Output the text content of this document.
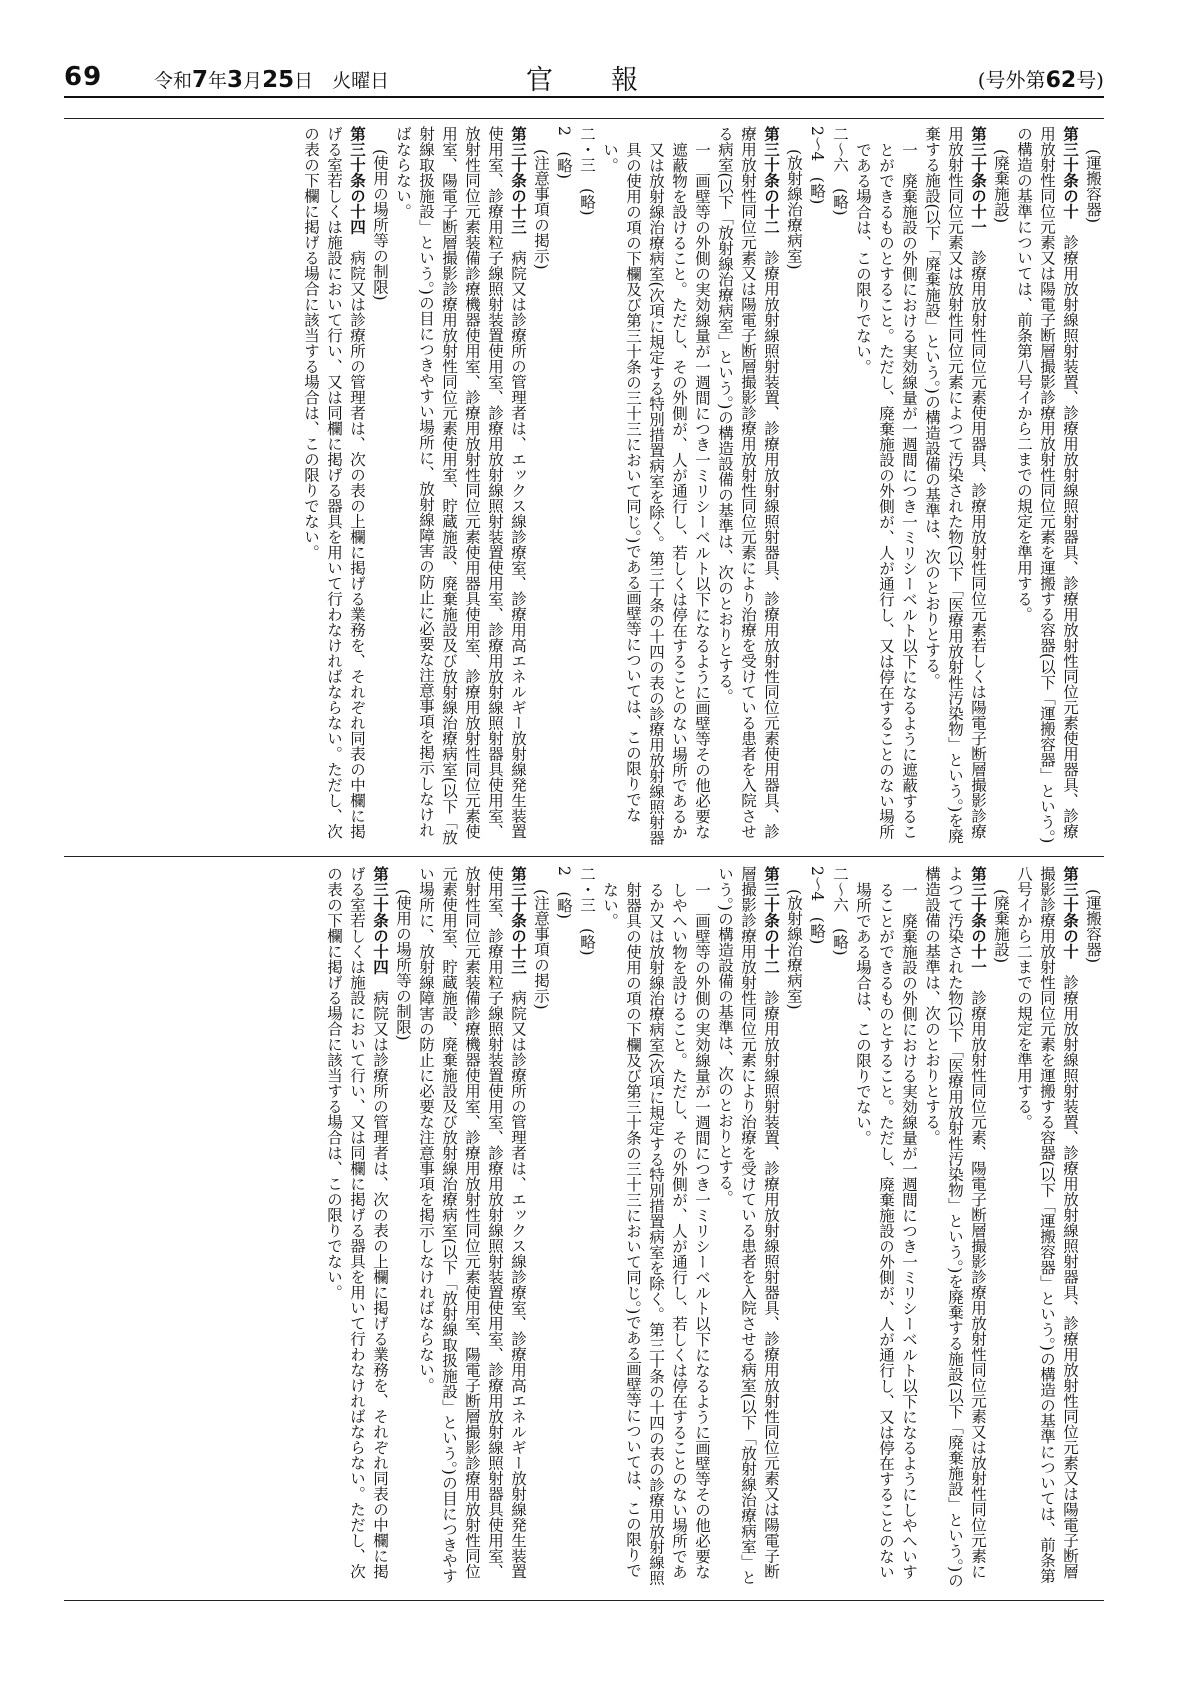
69	令和7年3月25日　 火曜日	官報	(号外第62号)
(運搬容器)
第三十条の十　診療用放射線照射装置、診療用放射線照射器具、診療用放射性同位元素使用器具、診療用放射性同位元素又は陽電子断層撮影診療用放射性同位元素を運搬する容器(以下「運搬容器」という。)の構造の基準については、前条第八号イから二までの規定を準用する。
(廃棄施設)
第三十条の十一　診療用放射性同位元素使用器具、診療用放射性同位元素若しくは陽電子断層撮影診療用放射性同位元素又は放射性同位元素によつて汚染された物(以下「医療用放射性汚染物」という。)を廃棄する施設(以下「廃棄施設」という。)の構造設備の基準は、次のとおりとする。
一　廃棄施設の外側における実効線量が一週間につき一ミリシーベルト以下になるように遮蔽することができるものとすること。ただし、廃棄施設の外側が、人が通行し、又は停在することのない場所である場合は、この限りでない。
二〜六　(略)
2〜4　(略)
(放射線治療病室)
第三十条の十二　診療用放射線照射装置、診療用放射線照射器具、診療用放射性同位元素使用器具、診療用放射性同位元素又は陽電子断層撮影診療用放射性同位元素により治療を受けている患者を入院させる病室(以下「放射線治療病室」という。)の構造設備の基準は、次のとおりとする。
一　画壁等の外側の実効線量が一週間につき一ミリシーベルト以下になるように画壁等その他必要な遮蔽物を設けること。ただし、その外側が、人が通行し、若しくは停在することのない場所であるか又は放射線治療病室(次項に規定する特別措置病室を除く。第三十条の十四の表の診療用放射線照射器具の使用の項の下欄及び第三十条の三十三において同じ。)である画壁等については、この限りでない。
二・三　(略)
2　(略)
(注意事項の掲示)
第三十条の十三　病院又は診療所の管理者は、エックス線診療室、診療用高エネルギー放射線発生装置使用室、診療用粒子線照射装置使用室、診療用放射線照射装置使用室、診療用放射線照射器具使用室、放射性同位元素装備診療機器使用室、診療用放射性同位元素使用器具使用室、診療用放射性同位元素使用室、陽電子断層撮影診療用放射性同位元素使用室、貯蔵施設、廃棄施設及び放射線治療病室(以下「放射線取扱施設」という。)の目につきやすい場所に、放射線障害の防止に必要な注意事項を掲示しなければならない。
(使用の場所等の制限)
第三十条の十四　病院又は診療所の管理者は、次の表の上欄に掲げる業務を、それぞれ同表の中欄に掲げる室若しくは施設において行い、又は同欄に掲げる器具を用いて行わなければならない。ただし、次の表の下欄に掲げる場合に該当する場合は、この限りでない。
(運搬容器)
第三十条の十　診療用放射線照射装置、診療用放射線照射器具、診療用放射性同位元素又は陽電子断層撮影診療用放射性同位元素を運搬する容器(以下「運搬容器」という。)の構造の基準については、前条第八号イから二までの規定を準用する。
(廃棄施設)
第三十条の十一　診療用放射性同位元素、陽電子断層撮影診療用放射性同位元素又は放射性同位元素によつて汚染された物(以下「医療用放射性汚染物」という。)を廃棄する施設(以下「廃棄施設」という。)の構造設備の基準は、次のとおりとする。
一　廃棄施設の外側における実効線量が一週間につき一ミリシーベルト以下になるようにしやへいすることができるものとすること。ただし、廃棄施設の外側が、人が通行し、又は停在することのない場所である場合は、この限りでない。
二〜六　(略)
2〜4　(略)
(放射線治療病室)
第三十条の十二　診療用放射線照射装置、診療用放射線照射器具、診療用放射性同位元素又は陽電子断層撮影診療用放射性同位元素により治療を受けている患者を入院させる病室(以下「放射線治療病室」という。)の構造設備の基準は、次のとおりとする。
一　画壁等の外側の実効線量が一週間につき一ミリシーベルト以下になるように画壁等その他必要なしやへい物を設けること。ただし、その外側が、人が通行し、若しくは停在することのない場所であるか又は放射線治療病室(次項に規定する特別措置病室を除く。第三十条の十四の表の診療用放射線照射器具の使用の項の下欄及び第三十条の三十三において同じ。)である画壁等については、この限りでない。
二・三　(略)
2　(略)
(注意事項の掲示)
第三十条の十三　病院又は診療所の管理者は、エックス線診療室、診療用高エネルギー放射線発生装置使用室、診療用粒子線照射装置使用室、診療用放射線照射装置使用室、診療用放射線照射器具使用室、放射性同位元素装備診療機器使用室、診療用放射性同位元素使用室、陽電子断層撮影診療用放射性同位元素使用室、貯蔵施設、廃棄施設及び放射線治療病室(以下「放射線取扱施設」という。)の目につきやすい場所に、放射線障害の防止に必要な注意事項を掲示しなければならない。
(使用の場所等の制限)
第三十条の十四　病院又は診療所の管理者は、次の表の上欄に掲げる業務を、それぞれ同表の中欄に掲げる室若しくは施設において行い、又は同欄に掲げる器具を用いて行わなければならない。ただし、次の表の下欄に掲げる場合に該当する場合は、この限りでない。
